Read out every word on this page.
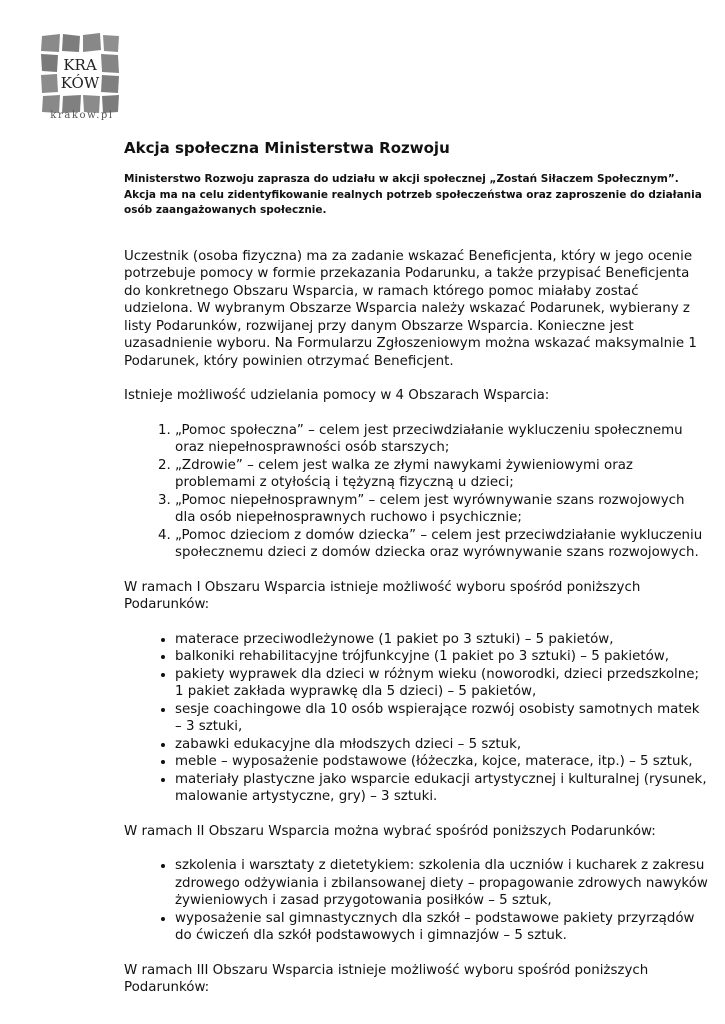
KRA
KÓW
krakow.pl
Akcja społeczna Ministerstwa Rozwoju

Ministerstwo Rozwoju zaprasza do udziału w akcji społecznej „Zostań Siłaczem Społecznym”. Akcja ma na celu zidentyfikowanie realnych potrzeb społeczeństwa oraz zaproszenie do działania osób zaangażowanych społecznie.

Uczestnik (osoba fizyczna) ma za zadanie wskazać Beneficjenta, który w jego ocenie potrzebuje pomocy w formie przekazania Podarunku, a także przypisać Beneficjenta do konkretnego Obszaru Wsparcia, w ramach którego pomoc miałaby zostać udzielona. W wybranym Obszarze Wsparcia należy wskazać Podarunek, wybierany z listy Podarunków, rozwijanej przy danym Obszarze Wsparcia. Konieczne jest uzasadnienie wyboru. Na Formularzu Zgłoszeniowym można wskazać maksymalnie 1 Podarunek, który powinien otrzymać Beneficjent.

Istnieje możliwość udzielania pomocy w 4 Obszarach Wsparcia:

1. „Pomoc społeczna” – celem jest przeciwdziałanie wykluczeniu społecznemu oraz niepełnosprawności osób starszych;
2. „Zdrowie” – celem jest walka ze złymi nawykami żywieniowymi oraz problemami z otyłością i tężyzną fizyczną u dzieci;
3. „Pomoc niepełnosprawnym” – celem jest wyrównywanie szans rozwojowych dla osób niepełnosprawnych ruchowo i psychicznie;
4. „Pomoc dzieciom z domów dziecka” – celem jest przeciwdziałanie wykluczeniu społecznemu dzieci z domów dziecka oraz wyrównywanie szans rozwojowych.

W ramach I Obszaru Wsparcia istnieje możliwość wyboru spośród poniższych Podarunków:

• materace przeciwodleżynowe (1 pakiet po 3 sztuki) – 5 pakietów,
• balkoniki rehabilitacyjne trójfunkcyjne (1 pakiet po 3 sztuki) – 5 pakietów,
• pakiety wyprawek dla dzieci w różnym wieku (noworodki, dzieci przedszkolne; 1 pakiet zakłada wyprawkę dla 5 dzieci) – 5 pakietów,
• sesje coachingowe dla 10 osób wspierające rozwój osobisty samotnych matek – 3 sztuki,
• zabawki edukacyjne dla młodszych dzieci – 5 sztuk,
• meble – wyposażenie podstawowe (łóżeczka, kojce, materace, itp.) – 5 sztuk,
• materiały plastyczne jako wsparcie edukacji artystycznej i kulturalnej (rysunek, malowanie artystyczne, gry) – 3 sztuki.

W ramach II Obszaru Wsparcia można wybrać spośród poniższych Podarunków:

• szkolenia i warsztaty z dietetykiem: szkolenia dla uczniów i kucharek z zakresu zdrowego odżywiania i zbilansowanej diety – propagowanie zdrowych nawyków żywieniowych i zasad przygotowania posiłków – 5 sztuk,
• wyposażenie sal gimnastycznych dla szkół – podstawowe pakiety przyrządów do ćwiczeń dla szkół podstawowych i gimnazjów – 5 sztuk.

W ramach III Obszaru Wsparcia istnieje możliwość wyboru spośród poniższych Podarunków:
